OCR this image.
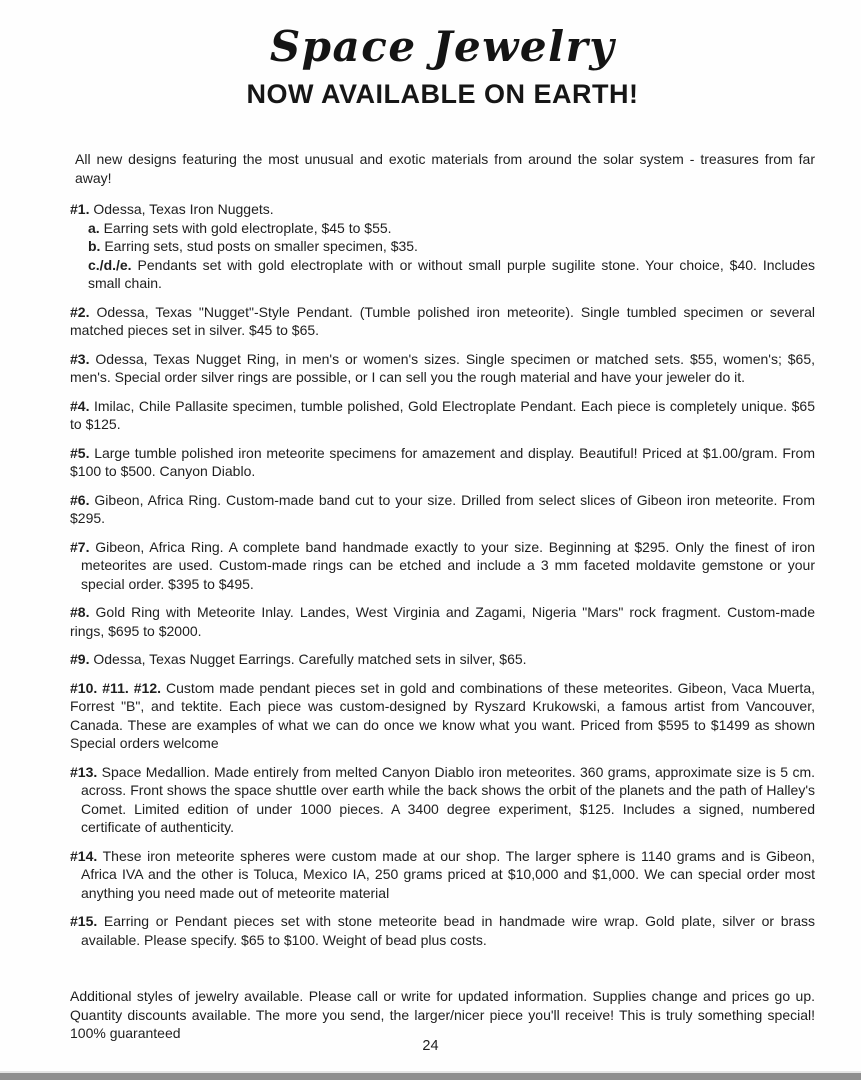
Space Jewelry
NOW AVAILABLE ON EARTH!

All new designs featuring the most unusual and exotic materials from around the solar system - treasures from far away!

#1. Odessa, Texas Iron Nuggets.

a. Earring sets with gold electroplate, $45 to $55.

b. Earring sets, stud posts on smaller specimen, $35.

c./d./e. Pendants set with gold electroplate with or without small purple sugilite stone. Your choice, $40. Includes small chain.

#2. Odessa, Texas "Nugget"-Style Pendant. (Tumble polished iron meteorite). Single tumbled specimen or several matched pieces set in silver. $45 to $65.

#3. Odessa, Texas Nugget Ring, in men's or women's sizes. Single specimen or matched sets. $55, women's; $65, men's. Special order silver rings are possible, or I can sell you the rough material and have your jeweler do it.

#4. Imilac, Chile Pallasite specimen, tumble polished, Gold Electroplate Pendant. Each piece is completely unique. $65 to $125.

#5. Large tumble polished iron meteorite specimens for amazement and display. Beautiful! Priced at $1.00/gram. From $100 to $500. Canyon Diablo.

#6. Gibeon, Africa Ring. Custom-made band cut to your size. Drilled from select slices of Gibeon iron meteorite. From $295.

#7. Gibeon, Africa Ring. A complete band handmade exactly to your size. Beginning at $295. Only the finest of iron meteorites are used. Custom-made rings can be etched and include a 3 mm faceted moldavite gemstone or your special order. $395 to $495.

#8. Gold Ring with Meteorite Inlay. Landes, West Virginia and Zagami, Nigeria "Mars" rock fragment. Custom-made rings, $695 to $2000.

#9. Odessa, Texas Nugget Earrings. Carefully matched sets in silver, $65.

#10. #11. #12. Custom made pendant pieces set in gold and combinations of these meteorites. Gibeon, Vaca Muerta, Forrest "B", and tektite. Each piece was custom-designed by Ryszard Krukowski, a famous artist from Vancouver, Canada. These are examples of what we can do once we know what you want. Priced from $595 to $1499 as shown Special orders welcome

#13. Space Medallion. Made entirely from melted Canyon Diablo iron meteorites. 360 grams, approximate size is 5 cm. across. Front shows the space shuttle over earth while the back shows the orbit of the planets and the path of Halley's Comet. Limited edition of under 1000 pieces. A 3400 degree experiment, $125. Includes a signed, numbered certificate of authenticity.

#14. These iron meteorite spheres were custom made at our shop. The larger sphere is 1140 grams and is Gibeon, Africa IVA and the other is Toluca, Mexico IA, 250 grams priced at $10,000 and $1,000. We can special order most anything you need made out of meteorite material

#15. Earring or Pendant pieces set with stone meteorite bead in handmade wire wrap. Gold plate, silver or brass available. Please specify. $65 to $100. Weight of bead plus costs.

Additional styles of jewelry available. Please call or write for updated information. Supplies change and prices go up. Quantity discounts available. The more you send, the larger/nicer piece you'll receive! This is truly something special! 100% guaranteed

24
